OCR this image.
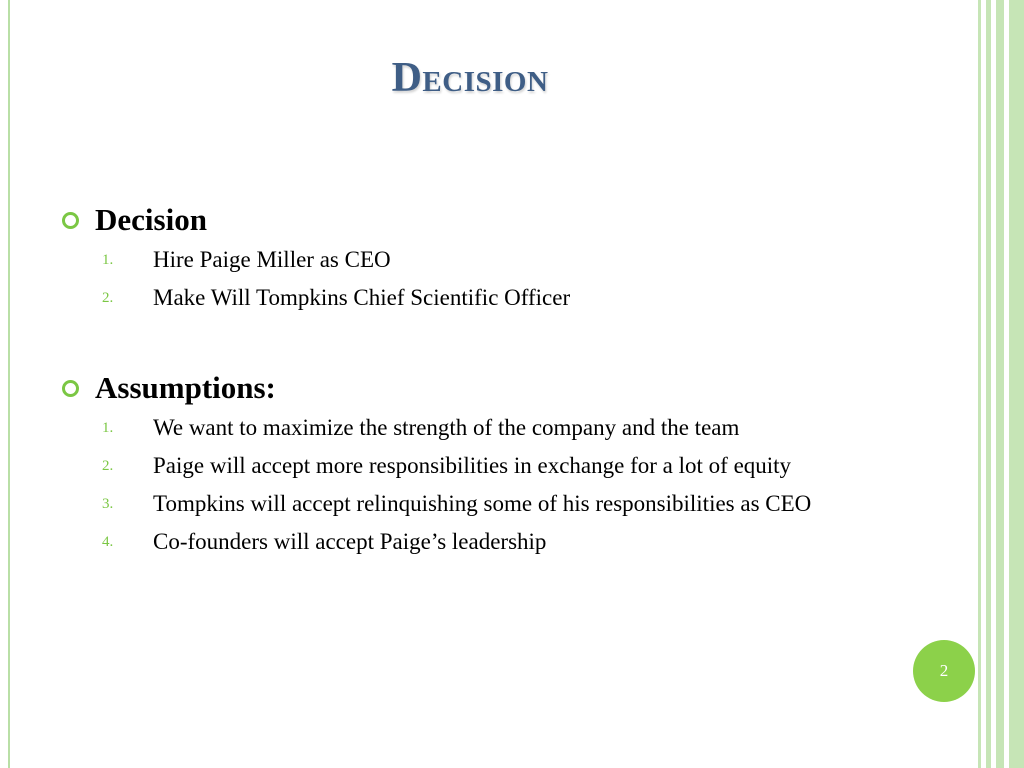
Decision
Decision
1.	Hire Paige Miller as CEO
2.	Make Will Tompkins Chief Scientific Officer
Assumptions:
1.	We want to maximize the strength of the company and the team
2.	Paige will accept more responsibilities in exchange for a lot of equity
3.	Tompkins will accept relinquishing some of his responsibilities as CEO
4.	Co-founders will accept Paige’s leadership
2
